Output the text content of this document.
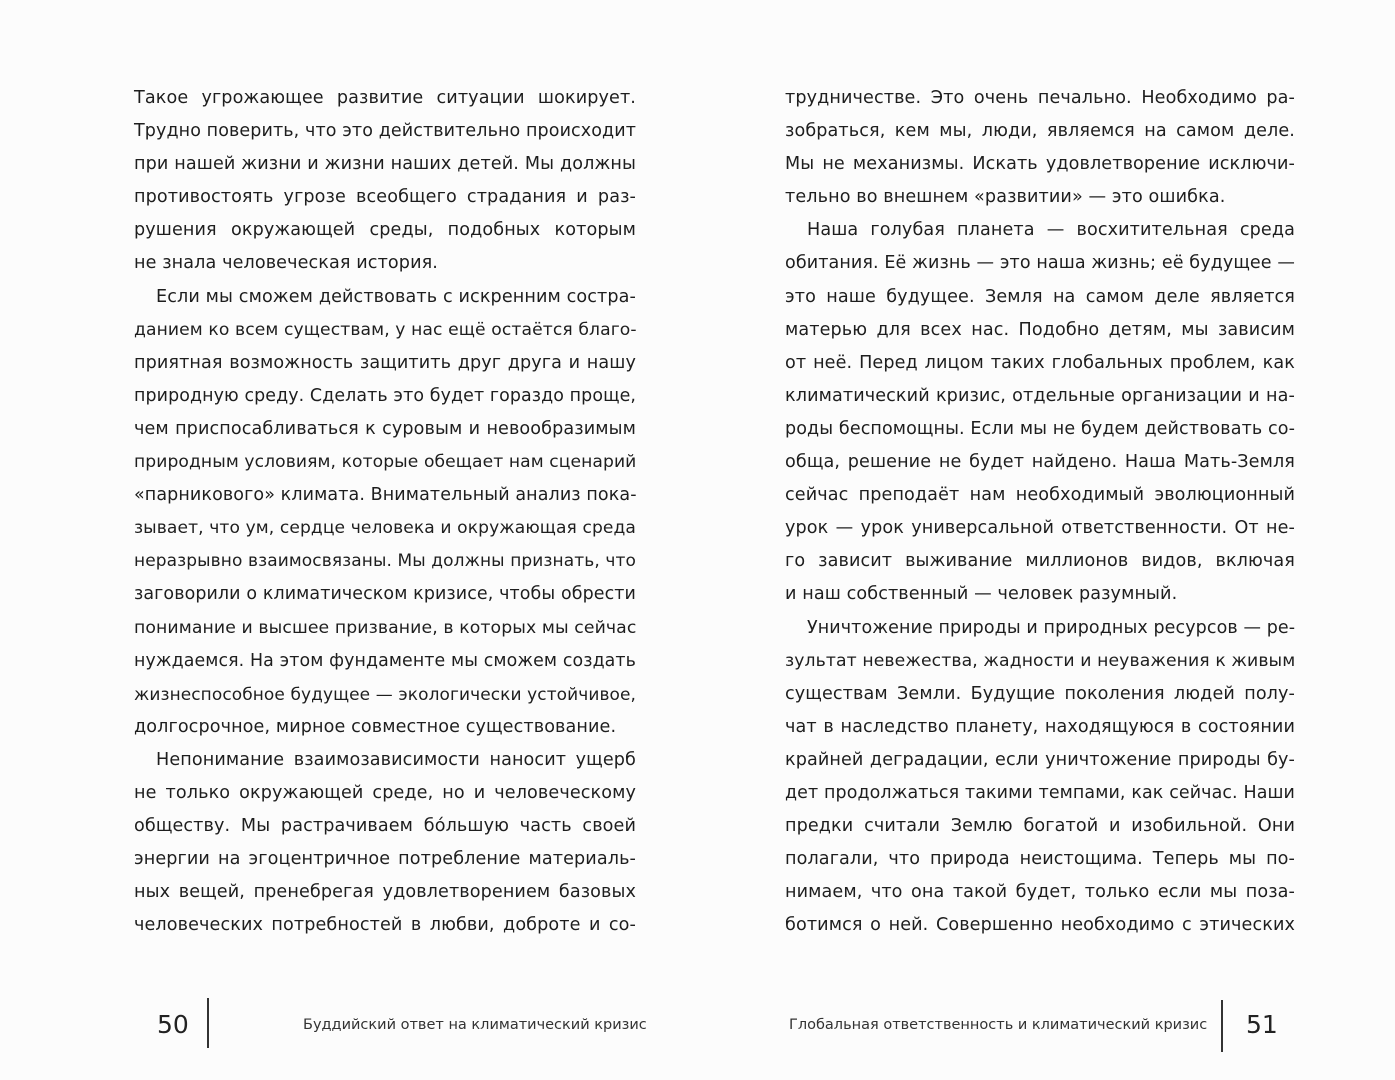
Такое угрожающее развитие ситуации шокирует.
Трудно поверить, что это действительно происходит
при нашей жизни и жизни наших детей. Мы должны
противостоять угрозе всеобщего страдания и раз-
рушения окружающей среды, подобных которым
не знала человеческая история.
Если мы сможем действовать с искренним состра-
данием ко всем существам, у нас ещё остаётся благо-
приятная возможность защитить друг друга и нашу
природную среду. Сделать это будет гораздо проще,
чем приспосабливаться к суровым и невообразимым
природным условиям, которые обещает нам сценарий
«парникового» климата. Внимательный анализ пока-
зывает, что ум, сердце человека и окружающая среда
неразрывно взаимосвязаны. Мы должны признать, что
заговорили о климатическом кризисе, чтобы обрести
понимание и высшее призвание, в которых мы сейчас
нуждаемся. На этом фундаменте мы сможем создать
жизнеспособное будущее — экологически устойчивое,
долгосрочное, мирное совместное существование.
Непонимание взаимозависимости наносит ущерб
не только окружающей среде, но и человеческому
обществу. Мы растрачиваем бóльшую часть своей
энергии на эгоцентричное потребление материаль-
ных вещей, пренебрегая удовлетворением базовых
человеческих потребностей в любви, доброте и со-
50	Буддийский ответ на климатический кризис
трудничестве. Это очень печально. Необходимо ра-
зобраться, кем мы, люди, являемся на самом деле.
Мы не механизмы. Искать удовлетворение исключи-
тельно во внешнем «развитии» — это ошибка.
Наша голубая планета — восхитительная среда
обитания. Её жизнь — это наша жизнь; её будущее —
это наше будущее. Земля на самом деле является
матерью для всех нас. Подобно детям, мы зависим
от неё. Перед лицом таких глобальных проблем, как
климатический кризис, отдельные организации и на-
роды беспомощны. Если мы не будем действовать со-
обща, решение не будет найдено. Наша Мать-Земля
сейчас преподаёт нам необходимый эволюционный
урок — урок универсальной ответственности. От не-
го зависит выживание миллионов видов, включая
и наш собственный — человек разумный.
Уничтожение природы и природных ресурсов — ре-
зультат невежества, жадности и неуважения к живым
существам Земли. Будущие поколения людей полу-
чат в наследство планету, находящуюся в состоянии
крайней деградации, если уничтожение природы бу-
дет продолжаться такими темпами, как сейчас. Наши
предки считали Землю богатой и изобильной. Они
полагали, что природа неистощима. Теперь мы по-
нимаем, что она такой будет, только если мы поза-
ботимся о ней. Совершенно необходимо с этических
Глобальная ответственность и климатический кризис 51
